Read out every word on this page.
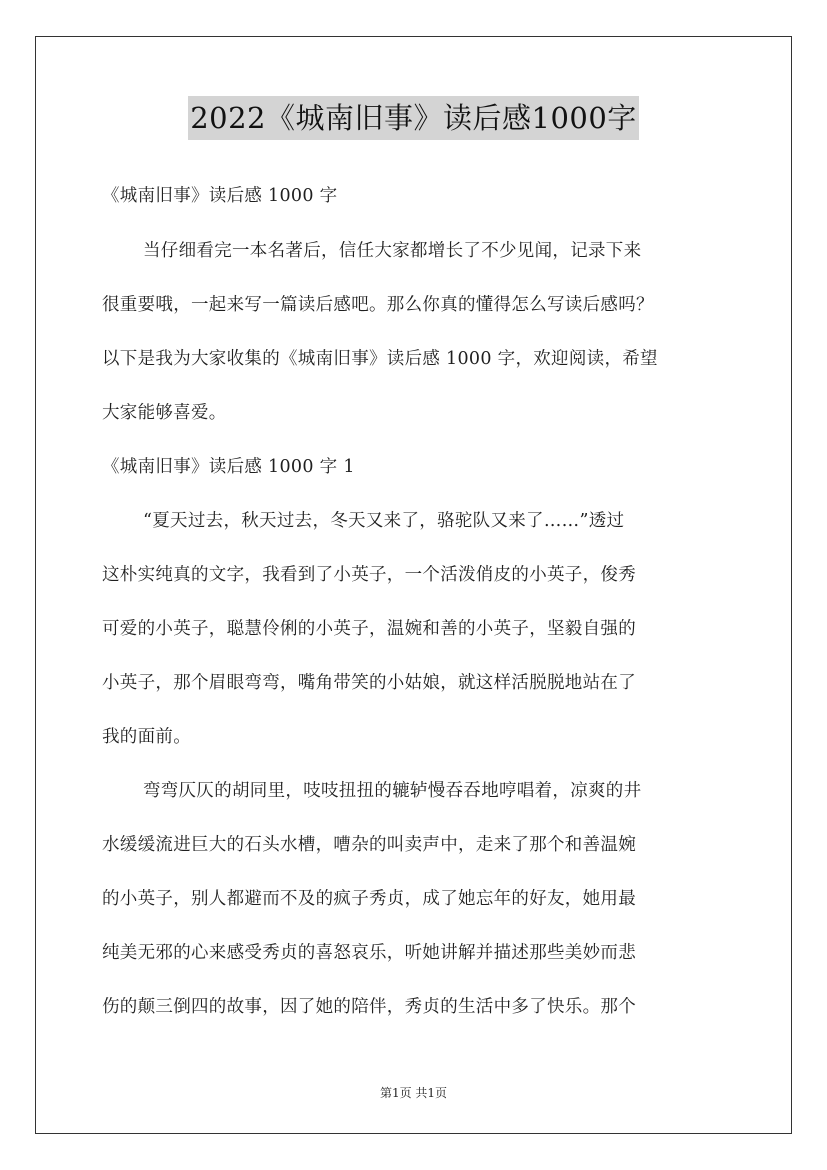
2022《城南旧事》读后感1000字
《城南旧事》读后感 1000 字
当仔细看完一本名著后，信任大家都增长了不少见闻，记录下来
很重要哦，一起来写一篇读后感吧。那么你真的懂得怎么写读后感吗？
以下是我为大家收集的《城南旧事》读后感 1000 字，欢迎阅读，希望
大家能够喜爱。
《城南旧事》读后感 1000 字 1
“夏天过去，秋天过去，冬天又来了，骆驼队又来了……”透过
这朴实纯真的文字，我看到了小英子，一个活泼俏皮的小英子，俊秀
可爱的小英子，聪慧伶俐的小英子，温婉和善的小英子，坚毅自强的
小英子，那个眉眼弯弯，嘴角带笑的小姑娘，就这样活脱脱地站在了
我的面前。
弯弯仄仄的胡同里，吱吱扭扭的辘轳慢吞吞地哼唱着，凉爽的井
水缓缓流进巨大的石头水槽，嘈杂的叫卖声中，走来了那个和善温婉
的小英子，别人都避而不及的疯子秀贞，成了她忘年的好友，她用最
纯美无邪的心来感受秀贞的喜怒哀乐，听她讲解并描述那些美妙而悲
伤的颠三倒四的故事，因了她的陪伴，秀贞的生活中多了快乐。那个
第1页 共1页
